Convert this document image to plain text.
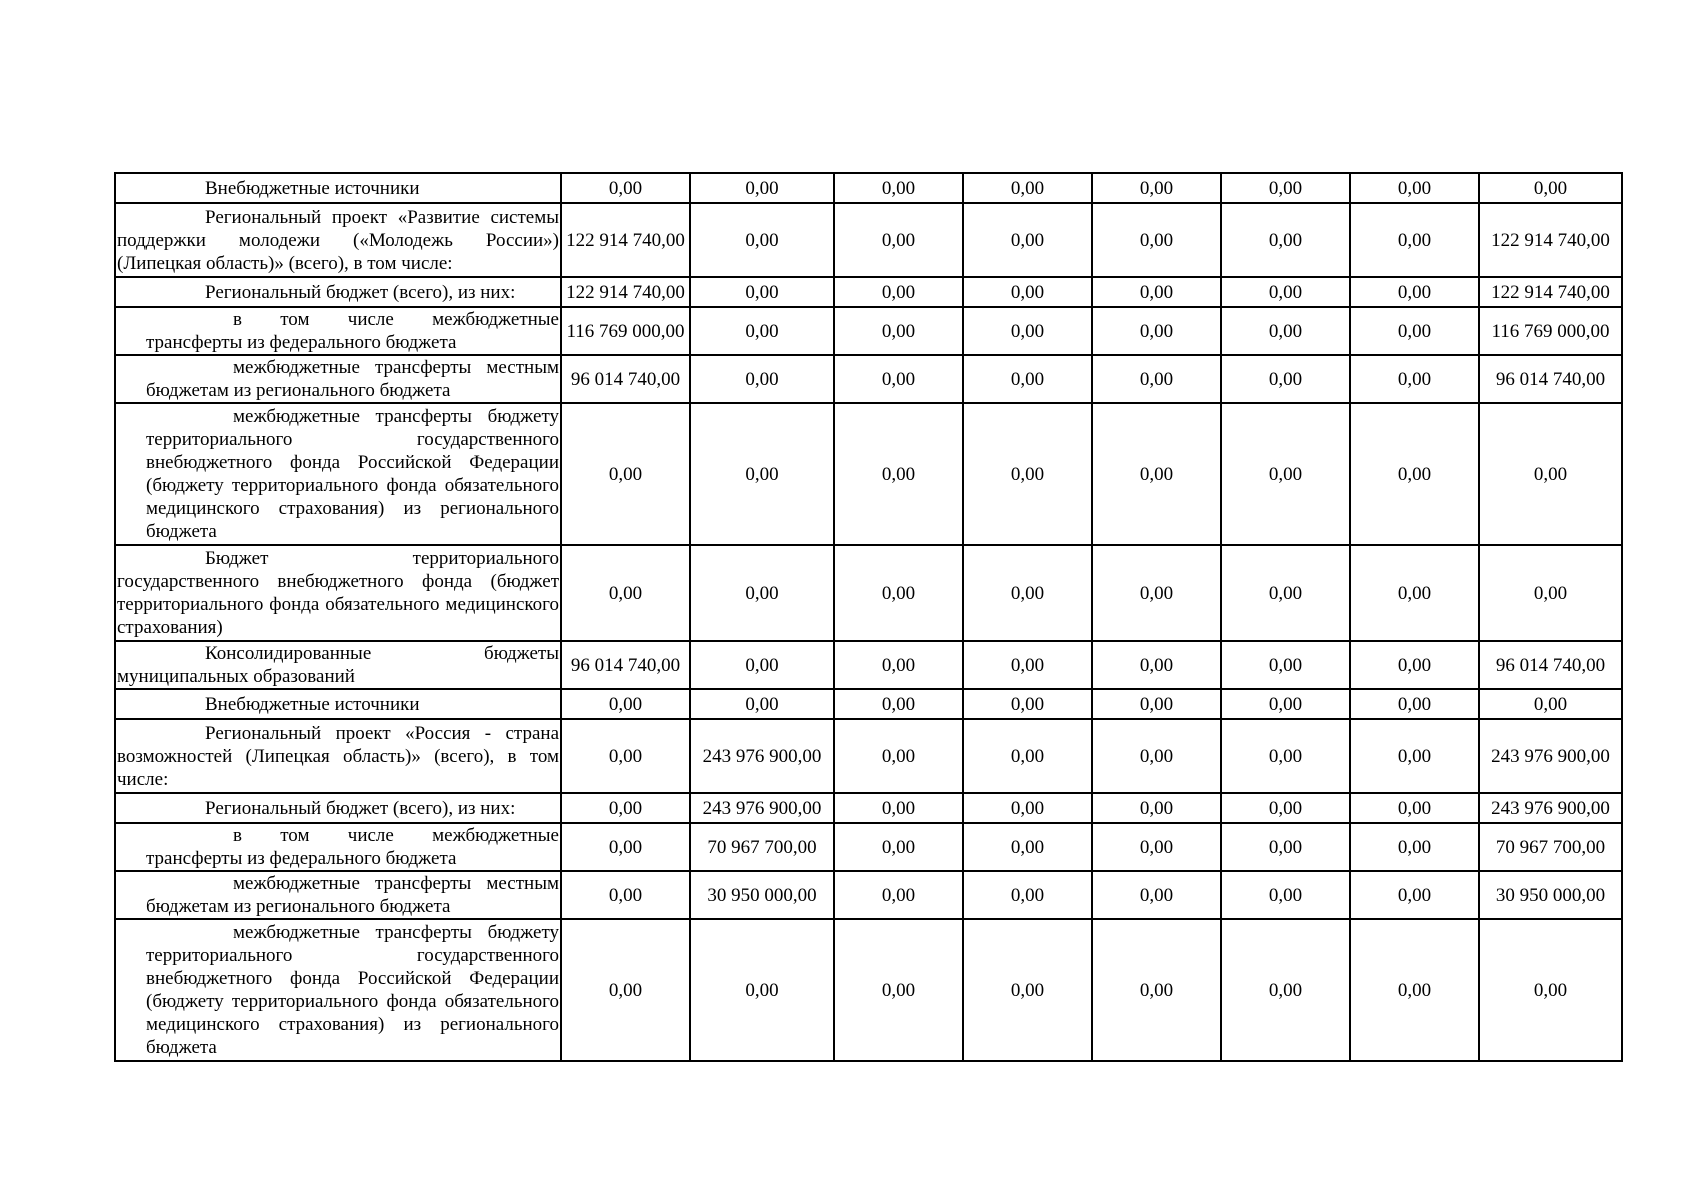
Внебюджетные источники	0,00	0,00	0,00	0,00	0,00	0,00	0,00	0,00
Региональный проект «Развитие системы поддержки молодежи («Молодежь России») (Липецкая область)» (всего), в том числе:	122 914 740,00	0,00	0,00	0,00	0,00	0,00	0,00	122 914 740,00
Региональный бюджет (всего), из них:	122 914 740,00	0,00	0,00	0,00	0,00	0,00	0,00	122 914 740,00
в том числе межбюджетные трансферты из федерального бюджета	116 769 000,00	0,00	0,00	0,00	0,00	0,00	0,00	116 769 000,00
межбюджетные трансферты местным бюджетам из регионального бюджета	96 014 740,00	0,00	0,00	0,00	0,00	0,00	0,00	96 014 740,00
межбюджетные трансферты бюджету территориального государственного внебюджетного фонда Российской Федерации (бюджету территориального фонда обязательного медицинского страхования) из регионального бюджета	0,00	0,00	0,00	0,00	0,00	0,00	0,00	0,00
Бюджет территориального государственного внебюджетного фонда (бюджет территориального фонда обязательного медицинского страхования)	0,00	0,00	0,00	0,00	0,00	0,00	0,00	0,00
Консолидированные бюджеты муниципальных образований	96 014 740,00	0,00	0,00	0,00	0,00	0,00	0,00	96 014 740,00
Внебюджетные источники	0,00	0,00	0,00	0,00	0,00	0,00	0,00	0,00
Региональный проект «Россия - страна возможностей (Липецкая область)» (всего), в том числе:	0,00	243 976 900,00	0,00	0,00	0,00	0,00	0,00	243 976 900,00
Региональный бюджет (всего), из них:	0,00	243 976 900,00	0,00	0,00	0,00	0,00	0,00	243 976 900,00
в том числе межбюджетные трансферты из федерального бюджета	0,00	70 967 700,00	0,00	0,00	0,00	0,00	0,00	70 967 700,00
межбюджетные трансферты местным бюджетам из регионального бюджета	0,00	30 950 000,00	0,00	0,00	0,00	0,00	0,00	30 950 000,00
межбюджетные трансферты бюджету территориального государственного внебюджетного фонда Российской Федерации (бюджету территориального фонда обязательного медицинского страхования) из регионального бюджета	0,00	0,00	0,00	0,00	0,00	0,00	0,00	0,00
